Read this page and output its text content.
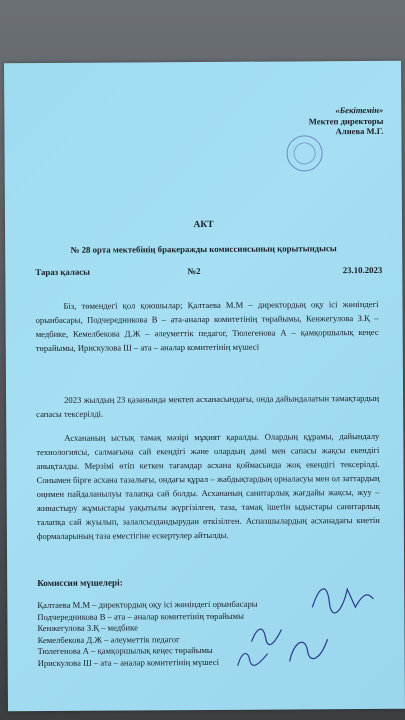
«Бекітемін»
Мектеп директоры
Алиева М.Г.
АКТ
№ 28 орта мектебінің бракеражды комиссиясының қорытындысы
Тараз қаласы	№2	23.10.2023
Біз, төмендегі қол қоюшылар; Қалтаева М.М – директордың оқу ісі жөніндегі орынбасары, Подчередникова В – ата-аналар комитетінің төрайымы, Кенжегулова З.Қ – медбике, Кемелбекова Д.Ж – әлеуметтік педагог, Тюлегенова А – қамқоршылық кеңес төрайымы, Ирискулова Ш – ата – аналар комитетінің мүшесі
2023 жылдың 23 қазанында мектеп асханасындағы, онда дайындалатын тамақтардың сапасы тексерілді.
Асхананың ыстық тамақ мәзірі мұқият қаралды. Олардың құрамы, дайындалу технологиясы, салмағына сай екендігі және олардың дәмі мен сапасы жақсы екендігі анықталды. Мерзімі өтіп кеткен тағамдар асхана қоймасында жоқ екендігі тексерілді. Сонымен бірге асхана тазалығы, ондағы құрал – жабдықтардың орналасуы мен ол заттардың оңнмен пайдаланылуы талапқа сай болды. Асхананың санитарлық жағдайы жақсы, жуу – жинастыру жұмыстары уақытылы жүргізілген, таза, тамақ ішетін ыдыстары санитарлық талапқа сай жуылып, залалсыздандырудан өткізілген. Аспазшылардың асханадағы киетін формаларының таза еместігіне ескертулер айтылды.
Комиссия мүшелері:
Қалтаева М.М – директордың оқу ісі жөніндегі орынбасары
Подчередникова В – ата – аналар комитетінің төрайымы
Кенжегулова З.Қ – медбике
Кемелбекова Д.Ж – әлеуметтік педагог
Тюлегенова А – қамқоршылық кеңес төрайымы
Ирискулова Ш – ата – аналар комитетінің мүшесі
